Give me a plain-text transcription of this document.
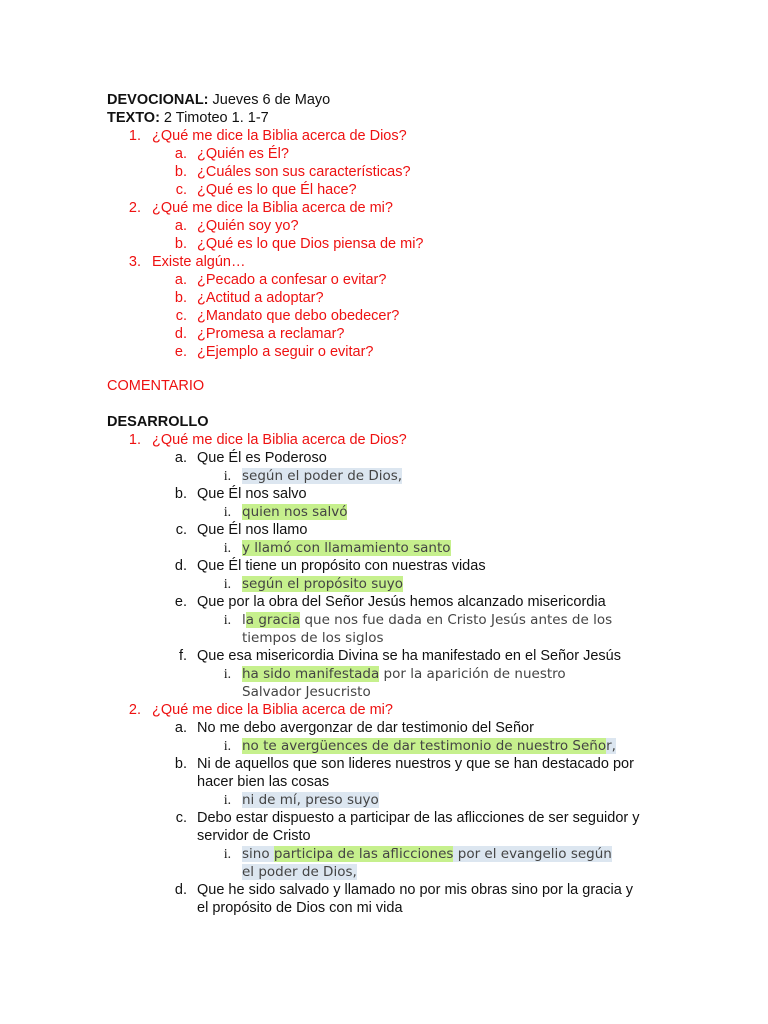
DEVOCIONAL: Jueves 6 de Mayo
TEXTO: 2 Timoteo 1. 1-7
1. ¿Qué me dice la Biblia acerca de Dios?
a. ¿Quién es Él?
b. ¿Cuáles son sus características?
c. ¿Qué es lo que Él hace?
2. ¿Qué me dice la Biblia acerca de mi?
a. ¿Quién soy yo?
b. ¿Qué es lo que Dios piensa de mi?
3. Existe algún…
a. ¿Pecado a confesar o evitar?
b. ¿Actitud a adoptar?
c. ¿Mandato que debo obedecer?
d. ¿Promesa a reclamar?
e. ¿Ejemplo a seguir o evitar?
COMENTARIO
DESARROLLO
1. ¿Qué me dice la Biblia acerca de Dios?
a. Que Él es Poderoso
i. según el poder de Dios,
b. Que Él nos salvo
i. quien nos salvó
c. Que Él nos llamo
i. y llamó con llamamiento santo
d. Que Él tiene un propósito con nuestras vidas
i. según el propósito suyo
e. Que por la obra del Señor Jesús hemos alcanzado misericordia
i. la gracia que nos fue dada en Cristo Jesús antes de los
tiempos de los siglos
f. Que esa misericordia Divina se ha manifestado en el Señor Jesús
i. ha sido manifestada por la aparición de nuestro
Salvador Jesucristo
2. ¿Qué me dice la Biblia acerca de mi?
a. No me debo avergonzar de dar testimonio del Señor
i. no te avergüences de dar testimonio de nuestro Señor,
b. Ni de aquellos que son lideres nuestros y que se han destacado por
hacer bien las cosas
i. ni de mí, preso suyo
c. Debo estar dispuesto a participar de las aflicciones de ser seguidor y
servidor de Cristo
i. sino participa de las aflicciones por el evangelio según
el poder de Dios,
d. Que he sido salvado y llamado no por mis obras sino por la gracia y
el propósito de Dios con mi vida
